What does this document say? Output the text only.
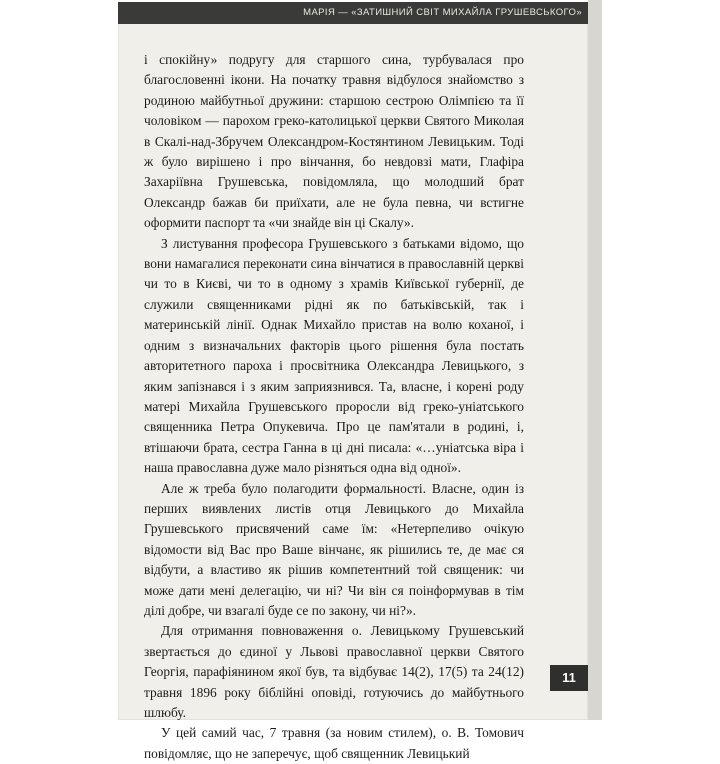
МАРІЯ — «ЗАТИШНИЙ СВІТ МИХАЙЛА ГРУШЕВСЬКОГО»

і спокійну» подругу для старшого сина, турбувалася про благословенні ікони. На початку травня відбулося знайомство з родиною майбутньої дружини: старшою сестрою Олімпією та її чоловіком — парохом греко-католицької церкви Святого Миколая в Скалі-над-Збручем Олександром-Костянтином Левицьким. Тоді ж було вирішено і про вінчання, бо невдовзі мати, Глафіра Захаріївна Грушевська, повідомляла, що молодший брат Олександр бажав би приїхати, але не була певна, чи встигне оформити паспорт та «чи знайде він ці Скалу».

З листування професора Грушевського з батьками відомо, що вони намагалися переконати сина вінчатися в православній церкві чи то в Києві, чи то в одному з храмів Київської губернії, де служили священниками рідні як по батьківській, так і материнській лінії. Однак Михайло пристав на волю коханої, і одним з визначальних факторів цього рішення була постать авторитетного пароха і просвітника Олександра Левицького, з яким запізнався і з яким заприязнився. Та, власне, і корені роду матері Михайла Грушевського проросли від греко-уніатського священника Петра Опукевича. Про це пам'ятали в родині, і, втішаючи брата, сестра Ганна в ці дні писала: «…уніатська віра і наша православна дуже мало різняться одна від одної».

Але ж треба було полагодити формальності. Власне, один із перших виявлених листів отця Левицького до Михайла Грушевського присвячений саме їм: «Нетерпеливо очікую відомости від Вас про Ваше вінчанє, як рішились те, де має ся відбути, а властиво як рішив компетентний той священик: чи може дати мені делегацію, чи ні? Чи він ся поінформував в тім ділі добре, чи взагалі буде се по закону, чи ні?».

Для отримання повноваження о. Левицькому Грушевський звертається до єдиної у Львові православної церкви Святого Георгія, парафіянином якої був, та відбуває 14(2), 17(5) та 24(12) травня 1896 року біблійні оповіді, готуючись до майбутнього шлюбу.

У цей самий час, 7 травня (за новим стилем), о. В. Томович повідомляє, що не заперечує, щоб священник Левицький

11
